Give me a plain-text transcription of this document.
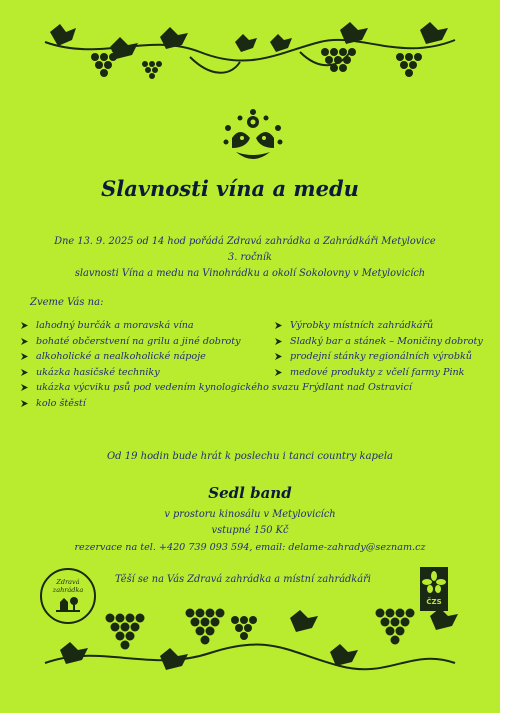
Slavnosti vína a medu
Dne 13. 9. 2025 od 14 hod pořádá Zdravá zahrádka a Zahrádkáři Metylovice
3. ročník
slavnosti Vína a medu na Vinohrádku a okolí Sokolovny v Metylovicích
Zveme Vás na:
lahodný burčák a moravská vína
bohaté občerstvení na grilu a jiné dobroty
alkoholické a nealkoholické nápoje
ukázka hasičské techniky
ukázka výcviku psů pod vedením kynologického svazu Frýdlant nad Ostravicí
kolo štěstí
Výrobky místních zahrádkářů
Sladký bar a stánek – Moničiny dobroty
prodejní stánky regionálních výrobků
medové produkty z včelí farmy Pink
Od 19 hodin bude hrát k poslechu i tanci country kapela
Sedl band
v prostoru kinosálu v Metylovicích
vstupné 150 Kč
rezervace na tel. +420 739 093 594, email: delame-zahrady@seznam.cz
Zdravá zahrádka
Těší se na Vás Zdravá zahrádka a místní zahrádkáři
ČZS
